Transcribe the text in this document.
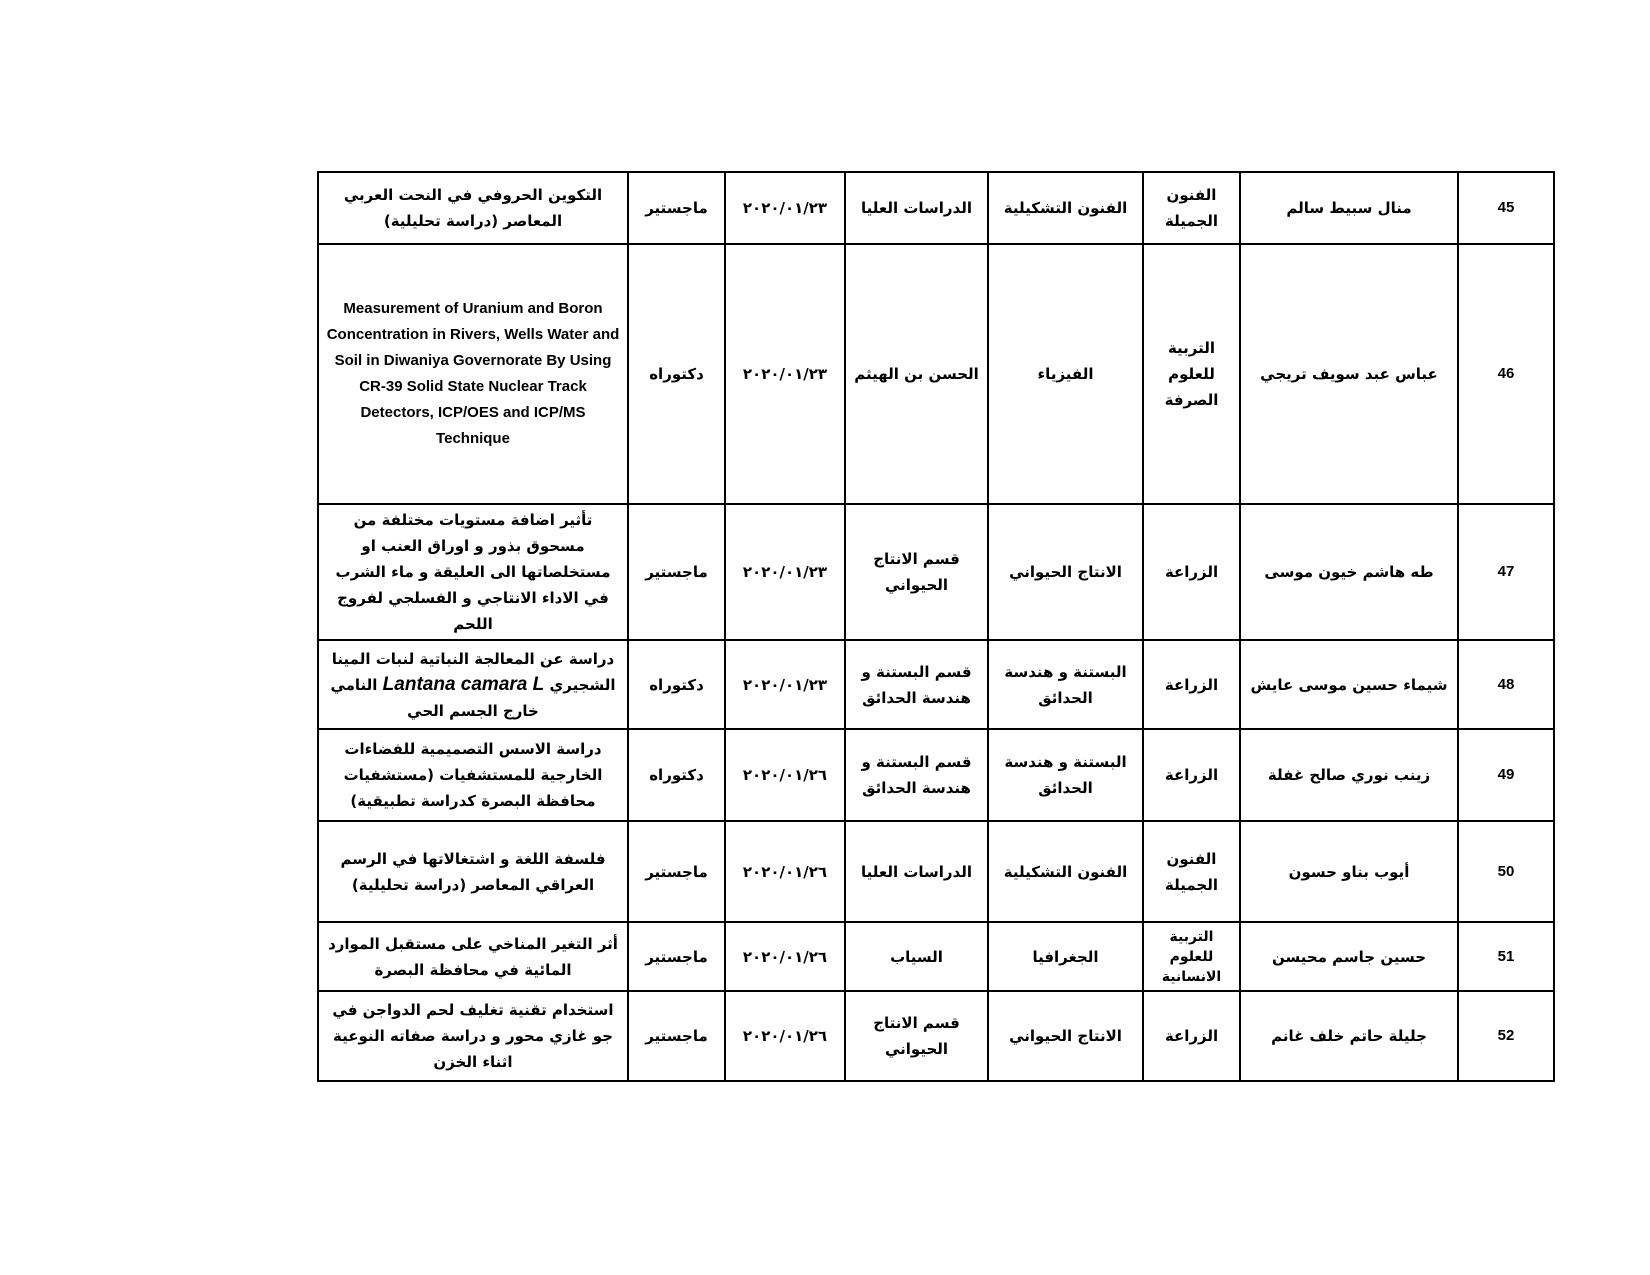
45	منال سبيط سالم	الفنون الجميلة	الفنون التشكيلية	الدراسات العليا	٢٠٢٠/٠١/٢٣	ماجستير	التكوين الحروفي في النحت العربي المعاصر (دراسة تحليلية)
46	عباس عبد سويف تريجي	التربية للعلوم الصرفة	الفيزياء	الحسن بن الهيثم	٢٠٢٠/٠١/٢٣	دكتوراه	Measurement of Uranium and Boron Concentration in Rivers, Wells Water and Soil in Diwaniya Governorate By Using CR-39 Solid State Nuclear Track Detectors, ICP/OES and ICP/MS Technique
47	طه هاشم خيون موسى	الزراعة	الانتاج الحيواني	قسم الانتاج الحيواني	٢٠٢٠/٠١/٢٣	ماجستير	تأثير اضافة مستويات مختلفة من مسحوق بذور و اوراق العنب او مستخلصاتها الى العليقة و ماء الشرب في الاداء الانتاجي و الفسلجي لفروج اللحم
48	شيماء حسين موسى عايش	الزراعة	البستنة و هندسة الحدائق	قسم البستنة و هندسة الحدائق	٢٠٢٠/٠١/٢٣	دكتوراه	دراسة عن المعالجة النباتية لنبات المينا الشجيري Lantana camara L النامي خارج الجسم الحي
49	زينب نوري صالح غفلة	الزراعة	البستنة و هندسة الحدائق	قسم البستنة و هندسة الحدائق	٢٠٢٠/٠١/٢٦	دكتوراه	دراسة الاسس التصميمية للفضاءات الخارجية للمستشفيات (مستشفيات محافظة البصرة كدراسة تطبيقية)
50	أيوب بناو حسون	الفنون الجميلة	الفنون التشكيلية	الدراسات العليا	٢٠٢٠/٠١/٢٦	ماجستير	فلسفة اللغة و اشتغالاتها في الرسم العراقي المعاصر (دراسة تحليلية)
51	حسين جاسم محيسن	التربية للعلوم الانسانية	الجغرافيا	السياب	٢٠٢٠/٠١/٢٦	ماجستير	أثر التغير المناخي على مستقبل الموارد المائية في محافظة البصرة
52	جليلة حاتم خلف غانم	الزراعة	الانتاج الحيواني	قسم الانتاج الحيواني	٢٠٢٠/٠١/٢٦	ماجستير	استخدام تقنية تغليف لحم الدواجن في جو غازي محور و دراسة صفاته النوعية اثناء الخزن
